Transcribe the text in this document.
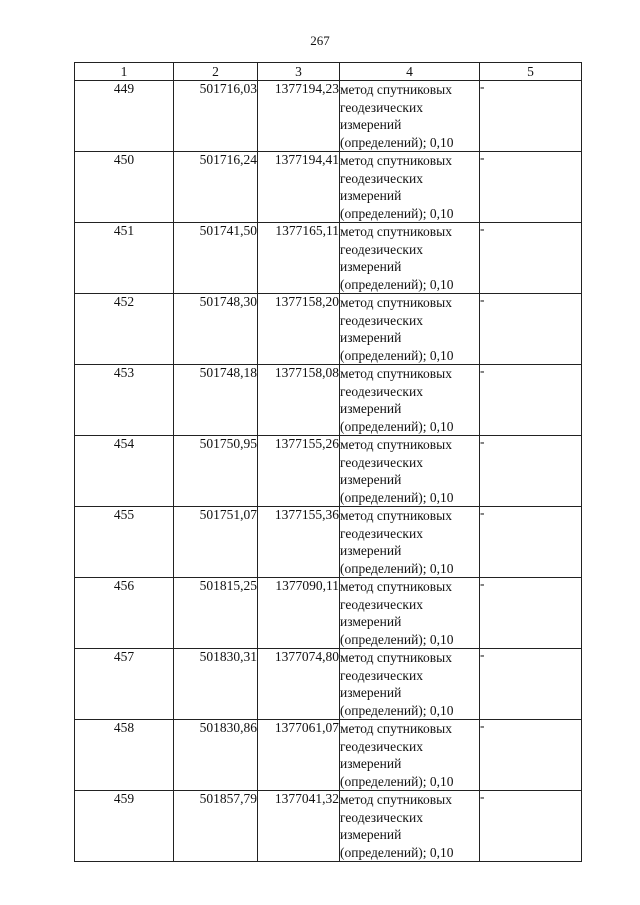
267
1	2	3	4	5
449	501716,03	1377194,23	метод спутниковых геодезических измерений (определений); 0,10	-
450	501716,24	1377194,41	метод спутниковых геодезических измерений (определений); 0,10	-
451	501741,50	1377165,11	метод спутниковых геодезических измерений (определений); 0,10	-
452	501748,30	1377158,20	метод спутниковых геодезических измерений (определений); 0,10	-
453	501748,18	1377158,08	метод спутниковых геодезических измерений (определений); 0,10	-
454	501750,95	1377155,26	метод спутниковых геодезических измерений (определений); 0,10	-
455	501751,07	1377155,36	метод спутниковых геодезических измерений (определений); 0,10	-
456	501815,25	1377090,11	метод спутниковых геодезических измерений (определений); 0,10	-
457	501830,31	1377074,80	метод спутниковых геодезических измерений (определений); 0,10	-
458	501830,86	1377061,07	метод спутниковых геодезических измерений (определений); 0,10	-
459	501857,79	1377041,32	метод спутниковых геодезических измерений (определений); 0,10	-
